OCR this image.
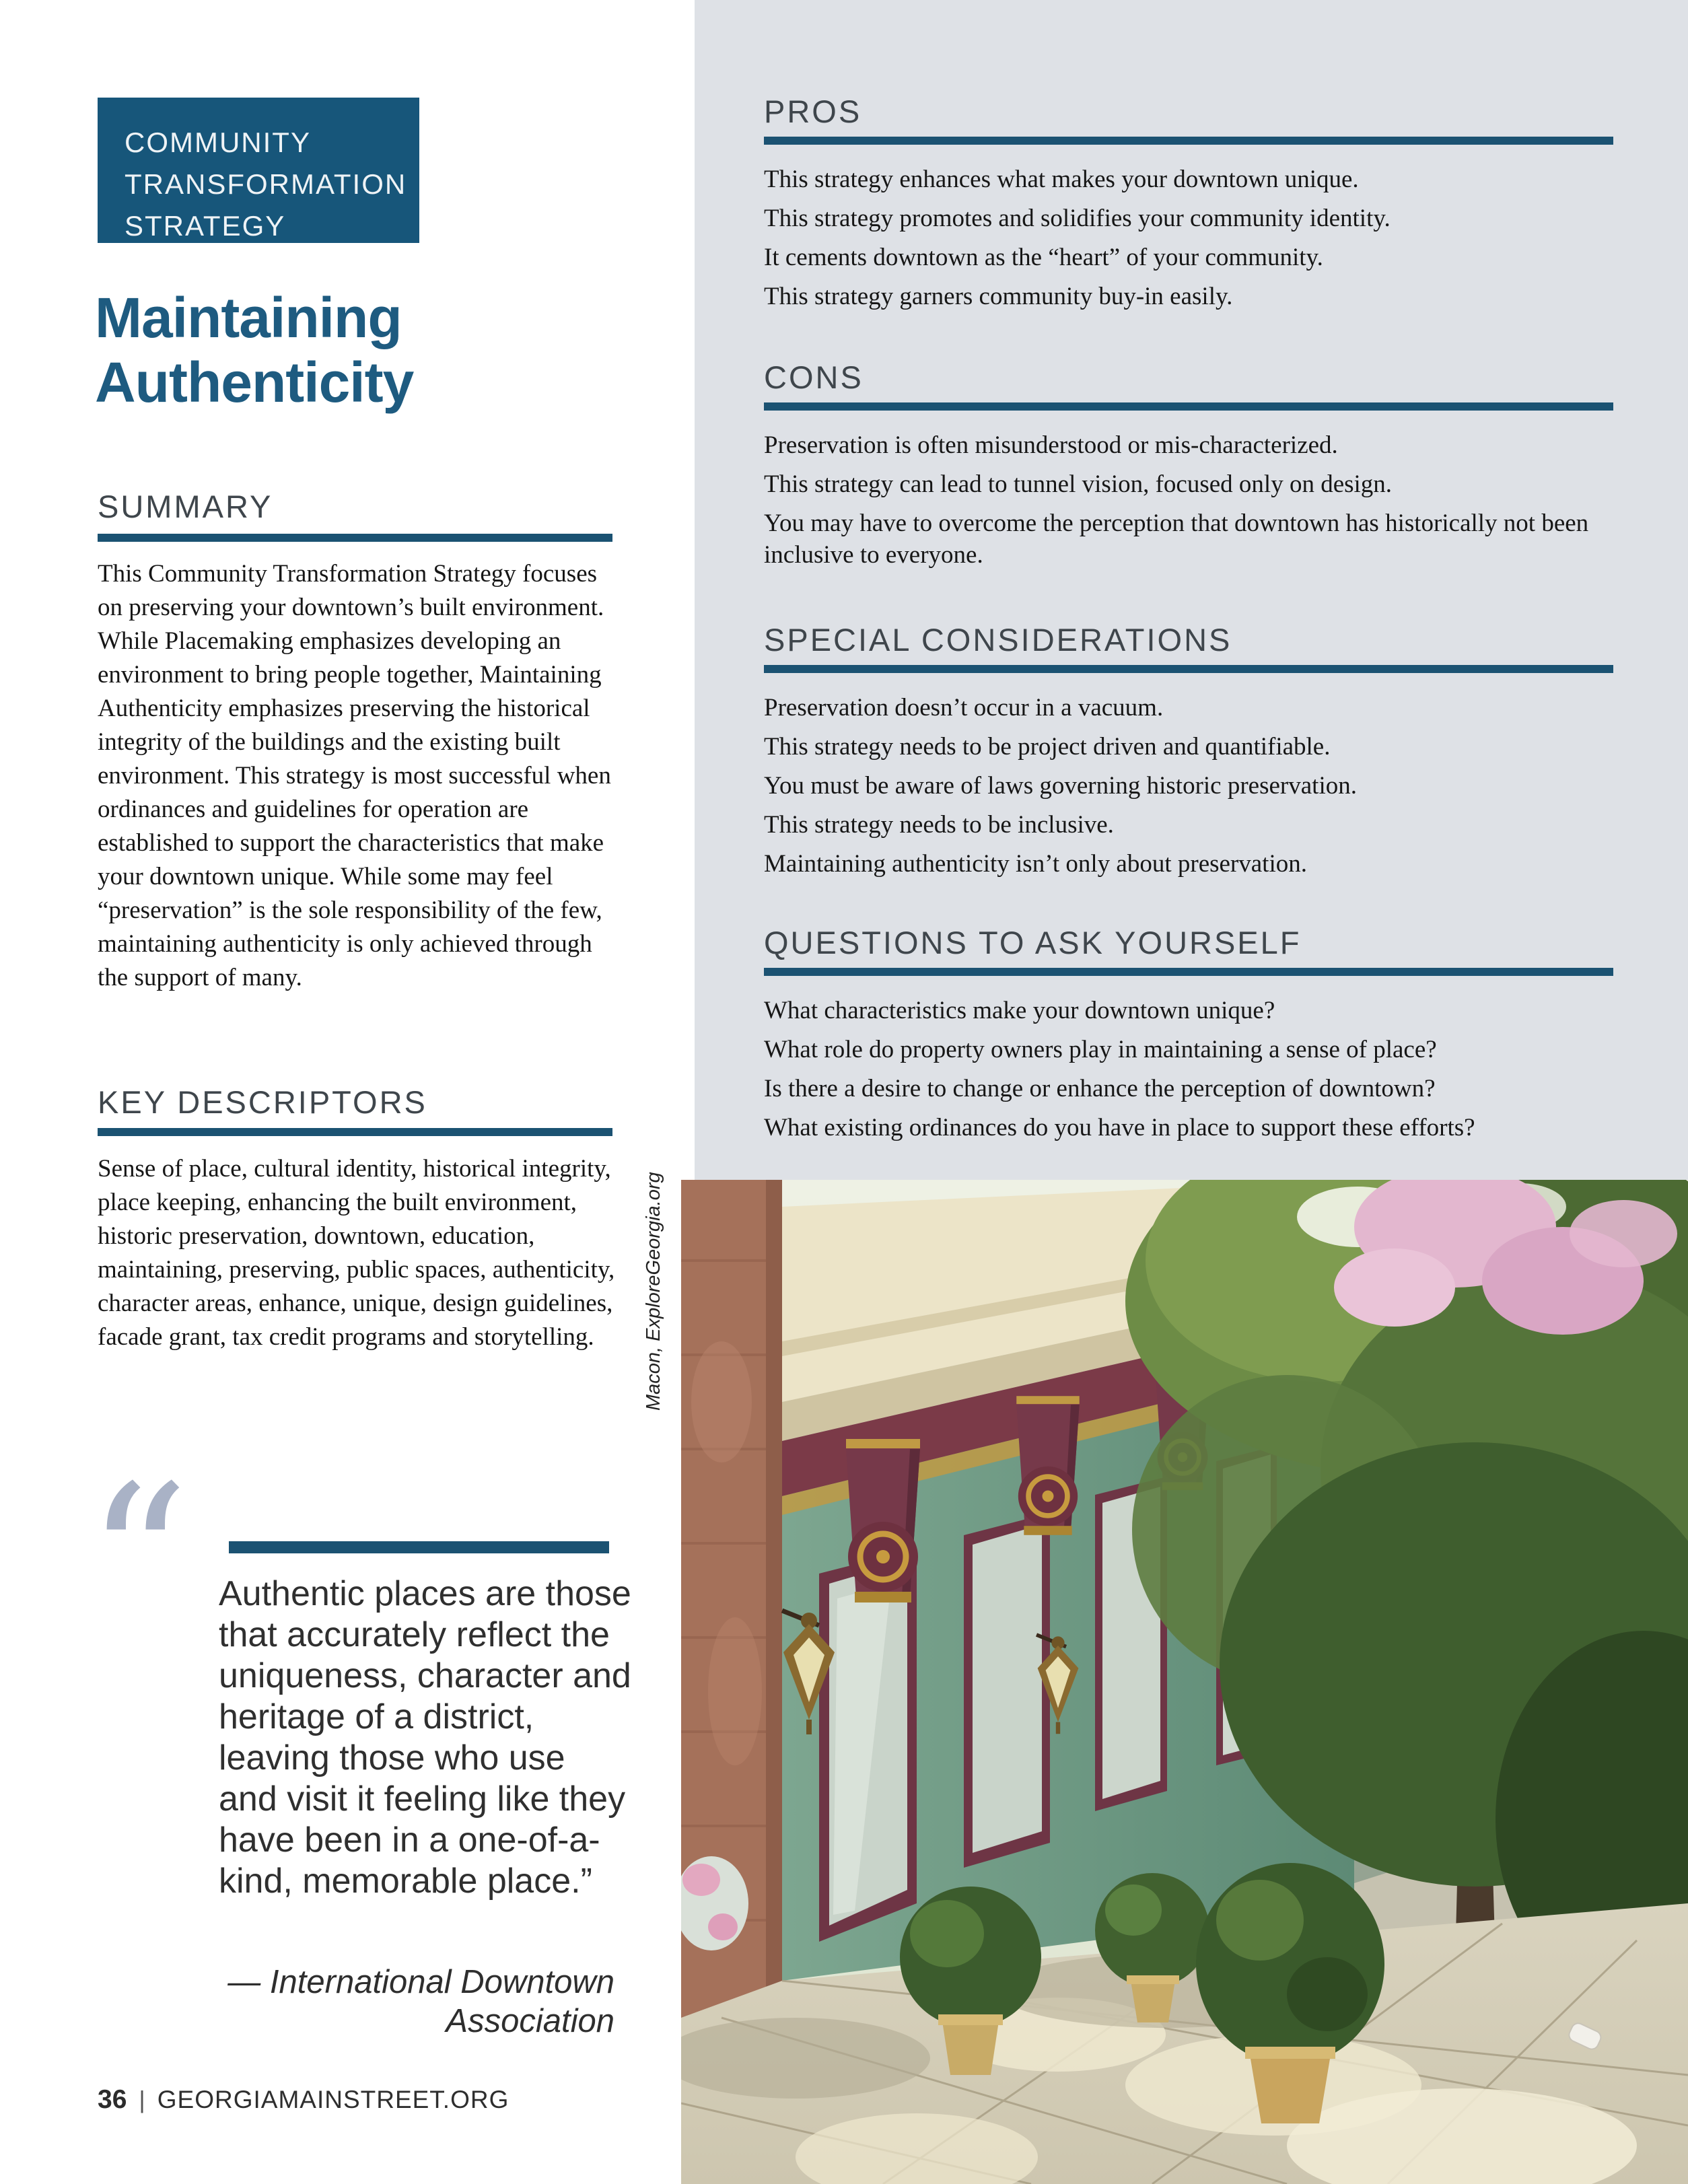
COMMUNITY
TRANSFORMATION
STRATEGY
Maintaining
Authenticity
SUMMARY
This Community Transformation Strategy focuses on preserving your downtown’s built environment. While Placemaking emphasizes developing an environment to bring people together, Maintaining Authenticity emphasizes preserving the historical integrity of the buildings and the existing built environment. This strategy is most successful when ordinances and guidelines for operation are established to support the characteristics that make your downtown unique. While some may feel “preservation” is the sole responsibility of the few, maintaining authenticity is only achieved through the support of many.
KEY DESCRIPTORS
Sense of place, cultural identity, historical integrity, place keeping, enhancing the built environment, historic preservation, downtown, education, maintaining, preserving, public spaces, authenticity, character areas, enhance, unique, design guidelines, facade grant, tax credit programs and storytelling.
“ Authentic places are those that accurately reflect the uniqueness, character and heritage of a district, leaving those who use and visit it feeling like they have been in a one-of-a-kind, memorable place.”
— International Downtown Association
36 | GEORGIAMAINSTREET.ORG
PROS
This strategy enhances what makes your downtown unique.
This strategy promotes and solidifies your community identity.
It cements downtown as the “heart” of your community.
This strategy garners community buy-in easily.
CONS
Preservation is often misunderstood or mis-characterized.
This strategy can lead to tunnel vision, focused only on design.
You may have to overcome the perception that downtown has historically not been inclusive to everyone.
SPECIAL CONSIDERATIONS
Preservation doesn’t occur in a vacuum.
This strategy needs to be project driven and quantifiable.
You must be aware of laws governing historic preservation.
This strategy needs to be inclusive.
Maintaining authenticity isn’t only about preservation.
QUESTIONS TO ASK YOURSELF
What characteristics make your downtown unique?
What role do property owners play in maintaining a sense of place?
Is there a desire to change or enhance the perception of downtown?
What existing ordinances do you have in place to support these efforts?
Macon, ExploreGeorgia.org
